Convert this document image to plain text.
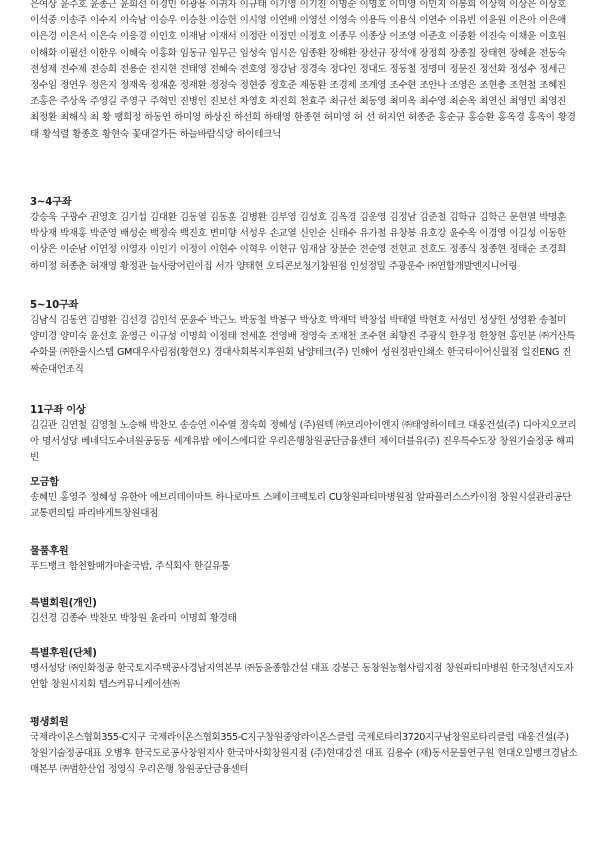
은여상 윤주호 윤종근 윤희선 이경민 이광용 이귀자 이규태 이기영 이기진 이명순 이명호 이미영 이민지 이봉희 이상혁 이상은 이상호 이석중 이송주 이수지 이숙남 이승우 이승찬 이승헌 이시영 이연배 이영선 이영숙 이용득 이용식 이연수 이유빈 이윤원 이은아 이은애 이은경 이은서 이은숙 이응경 이인호 이재남 이재서 이정란 이정민 이정호 이종무 이종상 이조영 이준호 이중환 이진숙 이채윤 이호원 이해화 이필선 이한우 이혜숙 이홍화 임동규 임무근 임성숙 임시은 임종환 장해환 장선규 장석애 장정희 장종칠 장태현 장혜윤 전동숙 전성제 전수제 전승희 전용순 전지현 전태영 전혜숙 전호영 정강남 정경숙 정다인 정대도 정동철 정명미 정문진 정선화 정성수 정세근 정수임 정연우 정은지 정재옥 정재훈 정재환 정정숙 정현중 정호준 제동환 조경제 조계영 조수현 조안나 조영은 조현총 조현철 조혜진 조홍은 주상옥 주영길 주영구 주혁민 진병인 진보선 차영호 차진희 천효주 최규선 최동영 최미옥 최수영 최순옥 최연신 최영민 최영진 최정환 최해식 최 황 팽희정 하동연 하미영 하상진 하선희 하태영 한종현 허미영 허 선 허지연 허종준 홍순규 홍승환 홍옥경 홍옥이 황경태 황석렬 황종호 황현숙 꽃대걸가든 하늘바람식당 하이테크닉

3~4구좌

강승욱 구광수 권영호 김기섭 김대환 김동열 김동훈 김병환 김부영 김성호 김옥경 김운영 김정남 김준철 김학규 김학근 문현열 박명훈 박상재 박재홍 박준영 배성순 백정숙 백진호 변미향 서성우 손교열 신인순 신태수 유가철 유창봉 유호강 윤수옥 이경영 이길성 이동한 이상은 이순남 이연정 이영자 이인기 이정이 이현수 이혁우 이현규 임재삼 장분순 전순영 전현교 전호도 정종식 정종현 정태순 조경희 하미정 허종춘 허재영 황정관 늘사랑어린이집 서가 양태현 오티콘보청기창원점 인성정밀 주광운수 ㈜연합개발엔지니어링

5~10구좌

김남식 김동연 김명환 김선경 김인석 문윤수 박근노 박동철 박봉구 박상호 박재덕 박창섭 박태열 박현호 서성민 성상헌 성영환 송철미 양미경 양미숙 윤선호 윤영근 이규성 이명희 이정태 전세훈 전영배 정영숙 조재천 조수현 최향진 주광식 한우정 한창현 홍인분 ㈜거산특수화물 ㈜한울시스템 GM대우사림점(황현오) 경대사회복지후원회 남양테크(주) 민해어 성원정판인쇄소 한국타이어신월점 일진ENG 진짜순대언조직

11구좌 이상

김길관 김연철 김영철 노승해 박찬모 송승연 이수열 정숙희 정혜성 (주)원텍 ㈜코리아이엔지 ㈜태영하이테크 대웅건설(주) 디아지오코리아 명서성당 베네딕도수녀원공동동 세계유밥 에이스에디칼 우리은행창원공단금융센터 제이더블유(주) 진우특수도장 창원기술정공 해피빈

모금함

송혜민 홍영주 정혜성 유한아 에브리데이마트 하나로마트 스페이크팩토리 CU창원파티마병원점 알파플러스스카이점 창원시설관리공단교통편의팀 파리바게트창원대점

물품후원

푸드뱅크 합천할매가마솥국밥, 주식회사 한길유통

특별회원(개인)

김선경 김종수 박찬모 박창원 윤라미 이명희 황경태

특별후원(단체)

명서성당 ㈜인화정공 한국토지주택공사경남지역본부 ㈜동윤종합건설 대표 강봉근 동창원농협사림지점 창원파티마병원 한국청년지도자연합 창원시지회 텝스커뮤니케이션㈜

평생회원

국제라이온스협회355-C지구 국제라이온스협회355-C지구창원중앙라이온스클럽 국제로타리3720지구남창원로타리클럽 대웅건설(주) 창원기술정공대표 오병후 한국도로공사창원지사 한국마사회창원지점 (주)현대강전 대표 김용수 (재)동서문물연구원 현대오일뱅크경남소매본부 ㈜범한산업 정영식 우리은행 창원공단금융센터
